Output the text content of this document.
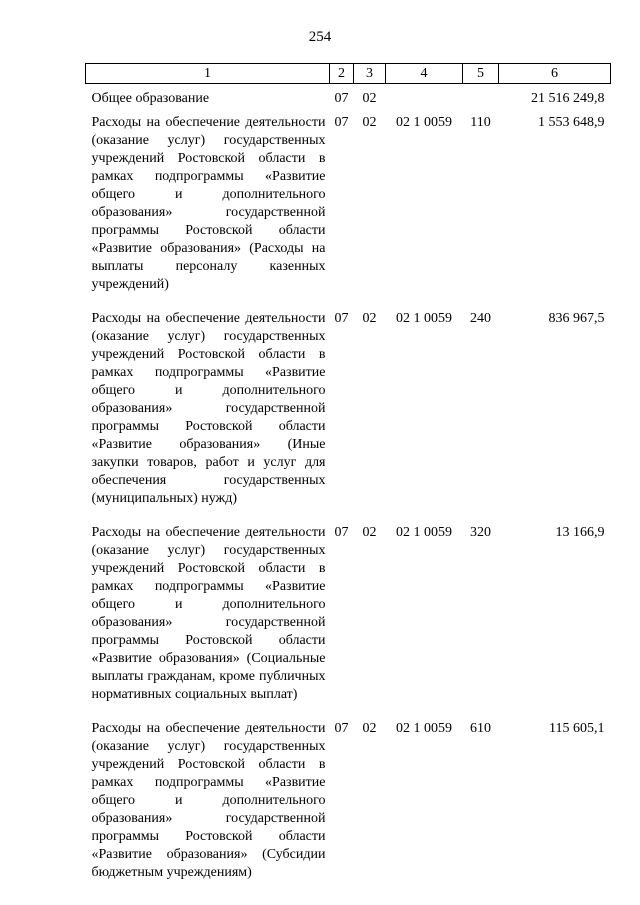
254
1	2	3	4	5	6
Общее образование	07	02			21 516 249,8
Расходы на обеспечение деятельности (оказание услуг) государственных учреждений Ростовской области в рамках подпрограммы «Развитие общего и дополнительного образования» государственной программы Ростовской области «Развитие образования» (Расходы на выплаты персоналу казенных учреждений)	07	02	02 1 0059	110	1 553 648,9
Расходы на обеспечение деятельности (оказание услуг) государственных учреждений Ростовской области в рамках подпрограммы «Развитие общего и дополнительного образования» государственной программы Ростовской области «Развитие образования» (Иные закупки товаров, работ и услуг для обеспечения государственных (муниципальных) нужд)	07	02	02 1 0059	240	836 967,5
Расходы на обеспечение деятельности (оказание услуг) государственных учреждений Ростовской области в рамках подпрограммы «Развитие общего и дополнительного образования» государственной программы Ростовской области «Развитие образования» (Социальные выплаты гражданам, кроме публичных нормативных социальных выплат)	07	02	02 1 0059	320	13 166,9
Расходы на обеспечение деятельности (оказание услуг) государственных учреждений Ростовской области в рамках подпрограммы «Развитие общего и дополнительного образования» государственной программы Ростовской области «Развитие образования» (Субсидии бюджетным учреждениям)	07	02	02 1 0059	610	115 605,1
